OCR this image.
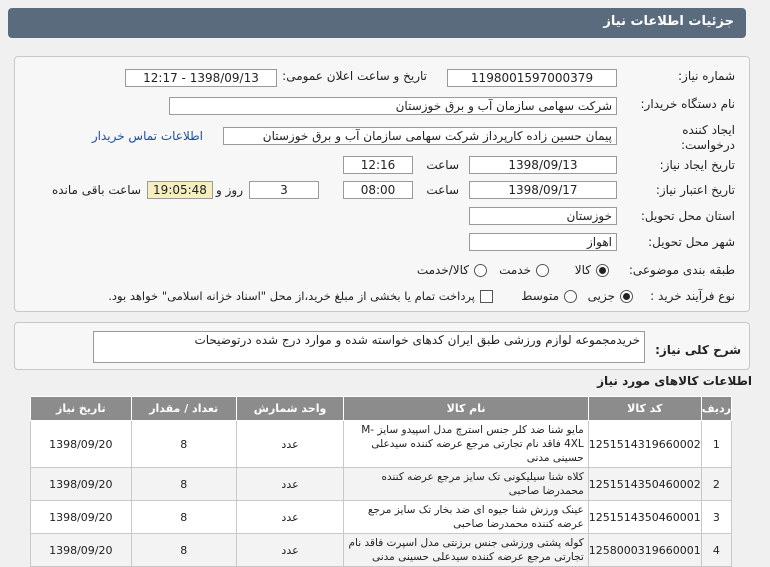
جزئیات اطلاعات نیاز
شماره نیاز:
1198001597000379
تاریخ و ساعت اعلان عمومی:
1398/09/13 - 12:17
نام دستگاه خریدار:
شرکت سهامی سازمان آب و برق خوزستان
ایجاد کننده
درخواست:
پیمان حسین زاده کارپرداز شرکت سهامی سازمان آب و برق خوزستان
اطلاعات تماس خریدار
تاریخ ایجاد نیاز:
1398/09/13
ساعت
12:16
تاریخ اعتبار نیاز:
1398/09/17
ساعت
08:00
3
روز و
19:05:48
ساعت باقی مانده
استان محل تحویل:
خوزستان
شهر محل تحویل:
اهواز
طبقه بندی موضوعی:
کالا
خدمت
کالا/خدمت
نوع فرآیند خرید :
جزیی
متوسط
پرداخت تمام یا بخشی از مبلغ خرید،از محل "اسناد خزانه اسلامی" خواهد بود.
شرح کلی نیاز:
خریدمجموعه لوازم ورزشی طبق ایران کدهای خواسته شده و موارد درج شده درتوضیحات
اطلاعات کالاهای مورد نیاز
ردیف	کد کالا	نام کالا	واحد شمارش	تعداد / مقدار	تاریخ نیاز
1	1251514319660002	مایو شنا ضد کلر جنس استرچ مدل اسپیدو سایز M-4XL فاقد نام تجارتی مرجع عرضه کننده سیدعلی حسینی مدنی	عدد	8	1398/09/20
2	1251514350460002	کلاه شنا سیلیکونی تک سایز مرجع عرضه کننده محمدرضا صاحبی	عدد	8	1398/09/20
3	1251514350460001	عینک ورزش شنا جیوه ای ضد بخار تک سایز مرجع عرضه کننده محمدرضا صاحبی	عدد	8	1398/09/20
4	1258000319660001	کوله پشتی ورزشی جنس برزنتی مدل اسپرت فاقد نام تجارتی مرجع عرضه کننده سیدعلی حسینی مدنی	عدد	8	1398/09/20
